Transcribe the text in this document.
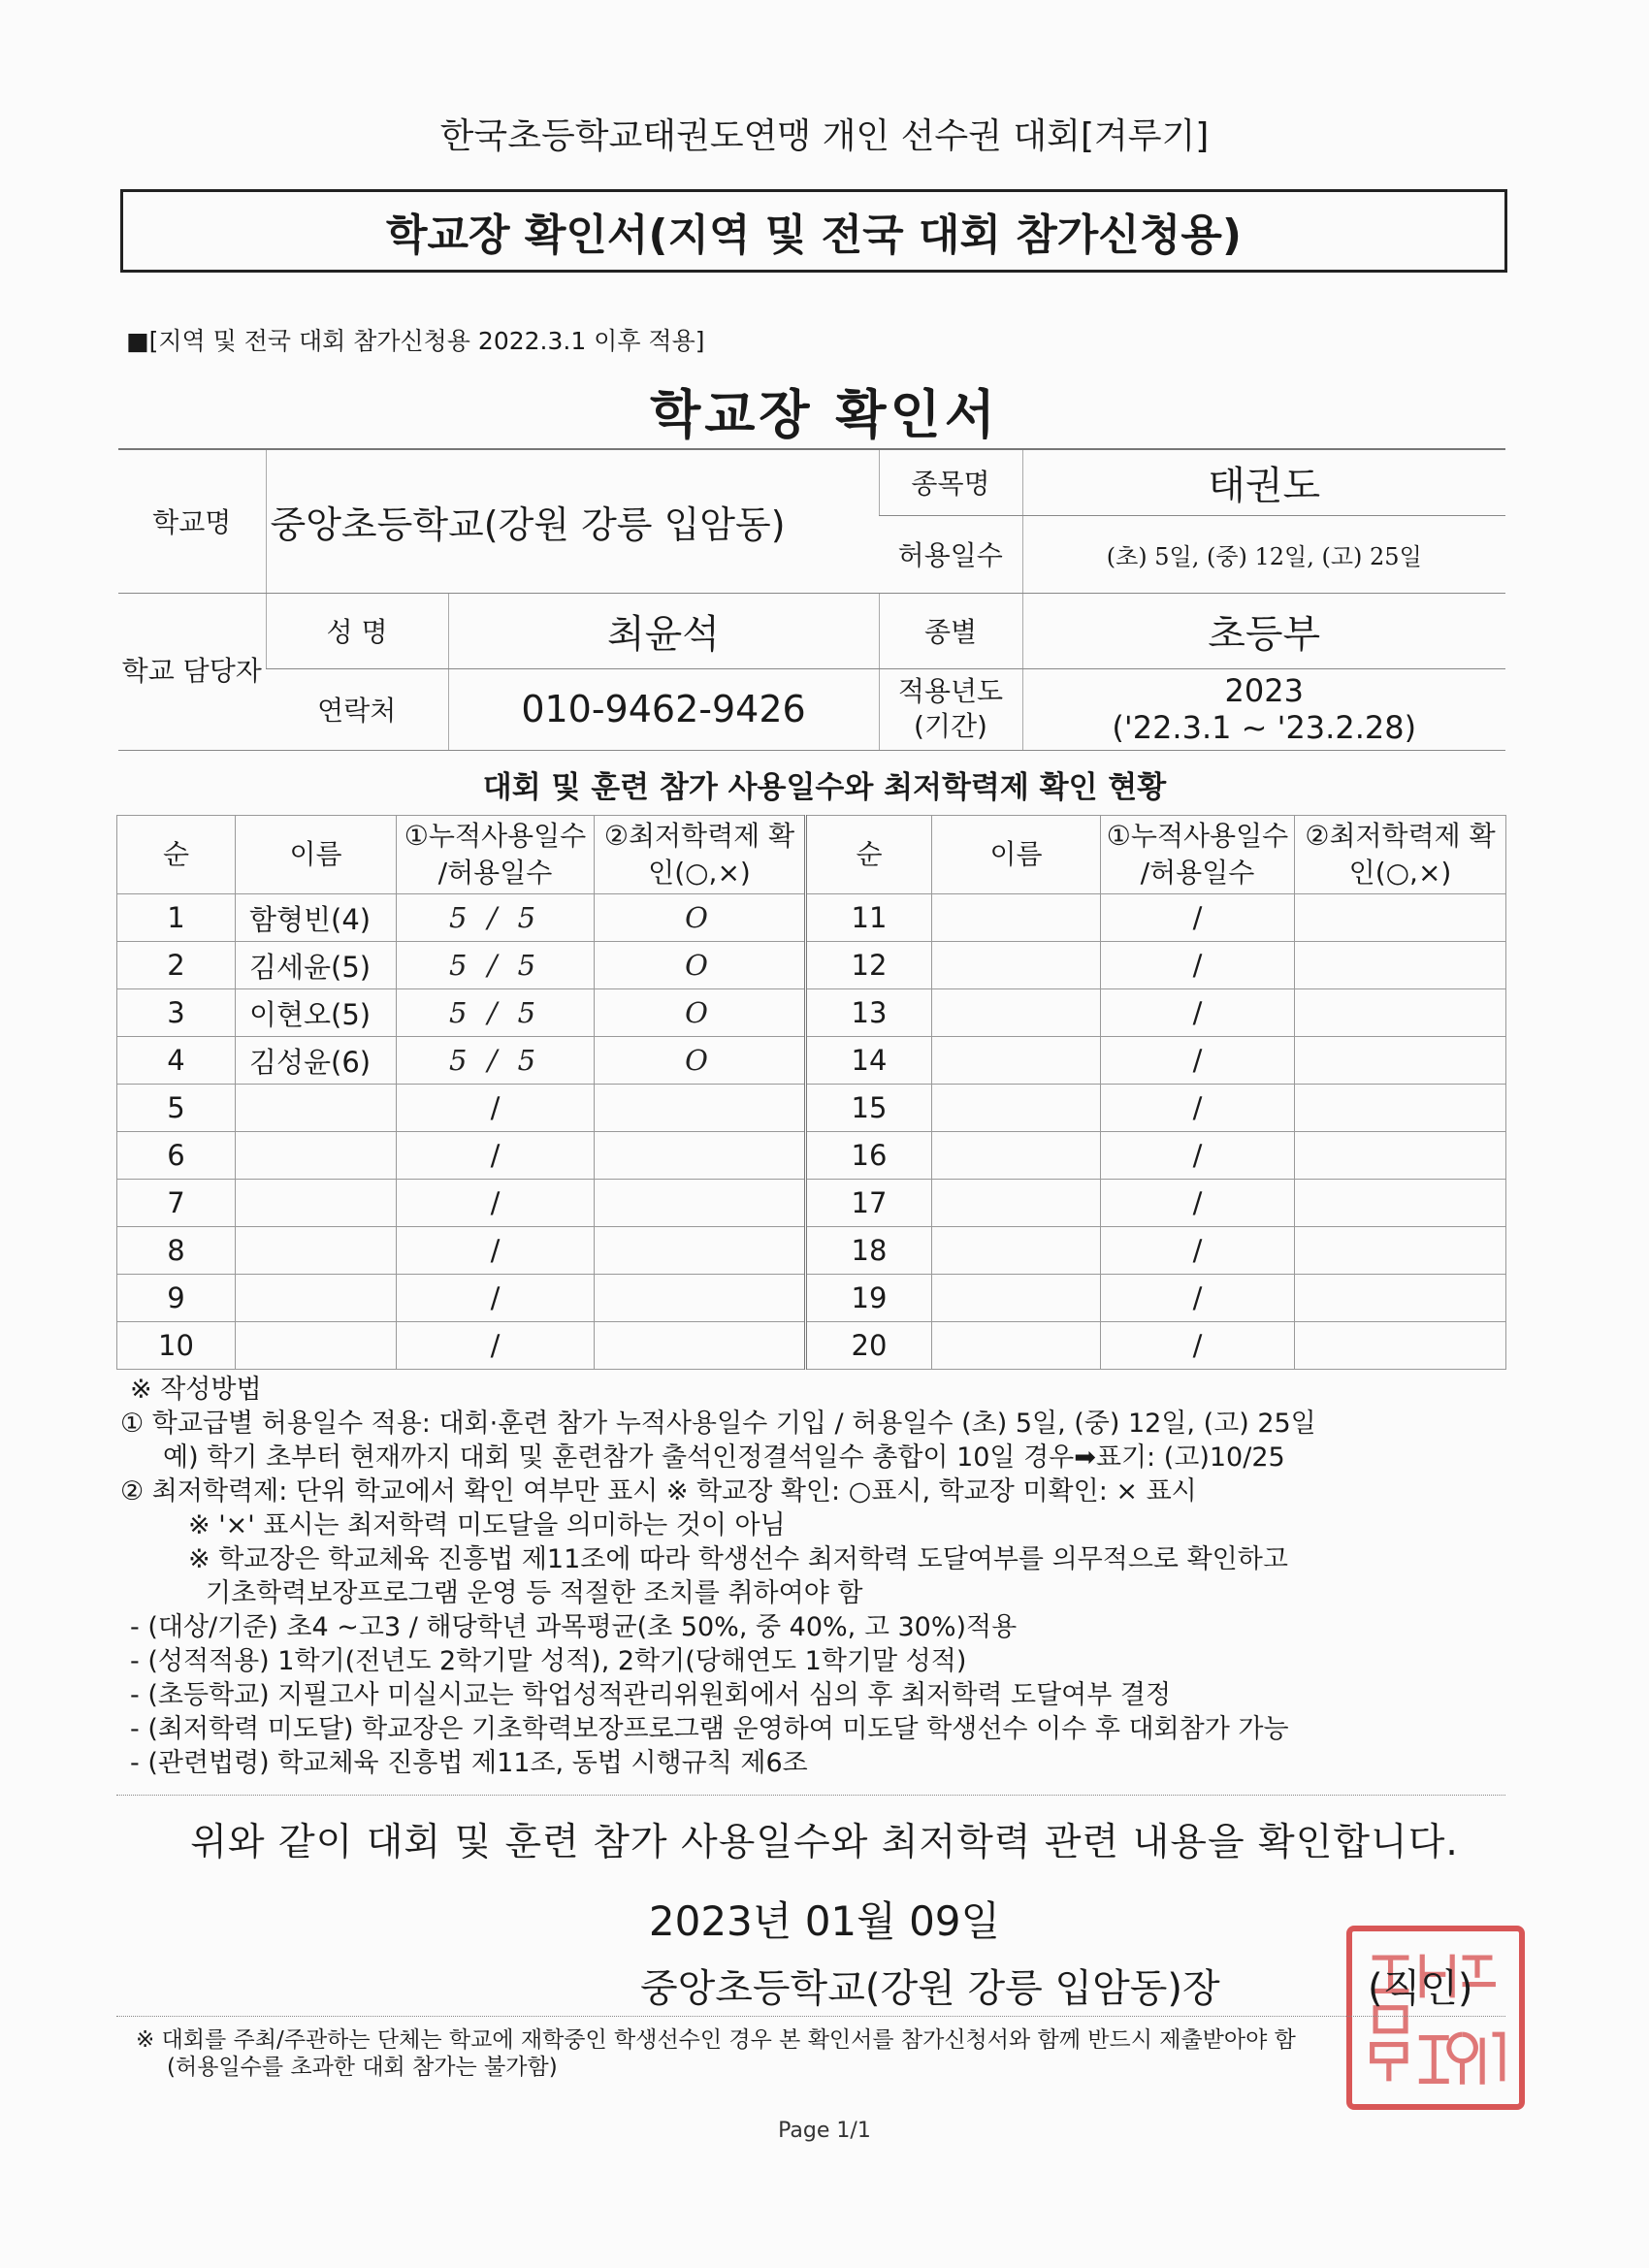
한국초등학교태권도연맹 개인 선수권 대회[겨루기]
학교장 확인서(지역 및 전국 대회 참가신청용)
■[지역 및 전국 대회 참가신청용 2022.3.1 이후 적용]
학교장 확인서
학교명	중앙초등학교(강원 강릉 입암동)		종목명	태권도
			허용일수	(초) 5일, (중) 12일, (고) 25일
학교 담당자	성 명	최윤석	종별	초등부
	연락처	010-9462-9426	적용년도 (기간)	2023
('22.3.1 ~ '23.2.28)
대회 및 훈련 참가 사용일수와 최저학력제 확인 현황
순	이름	①누적사용일수 /허용일수	②최저학력제 확인(○,×)	순	이름	①누적사용일수 /허용일수	②최저학력제 확인(○,×)
1	함형빈(4)	5 / 5	O	11		/	
2	김세윤(5)	5 / 5	O	12		/	
3	이현오(5)	5 / 5	O	13		/	
4	김성윤(6)	5 / 5	O	14		/	
5		/		15		/	
6		/		16		/	
7		/		17		/	
8		/		18		/	
9		/		19		/	
10		/		20		/	

※ 작성방법

① 학교급별 허용일수 적용: 대회·훈련 참가 누적사용일수 기입 / 허용일수 (초) 5일, (중) 12일, (고) 25일

예) 학기 초부터 현재까지 대회 및 훈련참가 출석인정결석일수 총합이 10일 경우➡표기: (고)10/25

② 최저학력제: 단위 학교에서 확인 여부만 표시 ※ 학교장 확인: ○표시, 학교장 미확인: × 표시

※ '×' 표시는 최저학력 미도달을 의미하는 것이 아님

※ 학교장은 학교체육 진흥법 제11조에 따라 학생선수 최저학력 도달여부를 의무적으로 확인하고

기초학력보장프로그램 운영 등 적절한 조치를 취하여야 함

- (대상/기준) 초4 ~고3 / 해당학년 과목평균(초 50%, 중 40%, 고 30%)적용

- (성적적용) 1학기(전년도 2학기말 성적), 2학기(당해연도 1학기말 성적)

- (초등학교) 지필고사 미실시교는 학업성적관리위원회에서 심의 후 최저학력 도달여부 결정

- (최저학력 미도달) 학교장은 기초학력보장프로그램 운영하여 미도달 학생선수 이수 후 대회참가 가능

- (관련법령) 학교체육 진흥법 제11조, 동법 시행규칙 제6조

위와 같이 대회 및 훈련 참가 사용일수와 최저학력 관련 내용을 확인합니다.
2023년 01월 09일
중앙초등학교(강원 강릉 입암동)장	(직인)
※ 대회를 주최/주관하는 단체는 학교에 재학중인 학생선수인 경우 본 확인서를 참가신청서와 함께 반드시 제출받아야 함
(허용일수를 초과한 대회 참가는 불가함)
Page 1/1
